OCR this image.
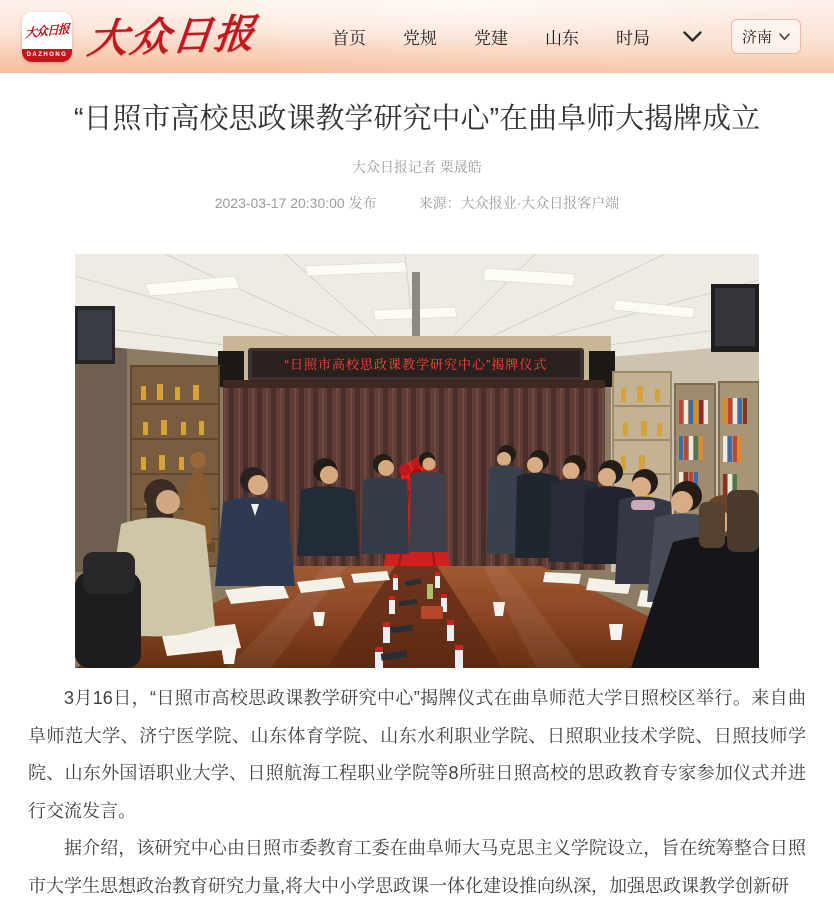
大众日报
DAZHONG 大众日报	首页 党规 党建 山东 时局	济南
“日照市高校思政课教学研究中心”在曲阜师大揭牌成立
大众日报记者 栗晟皓
2023-03-17 20:30:00 发布	来源：大众报业·大众日报客户端
“日照市高校思政课教学研究中心”揭牌仪式

3月16日，“日照市高校思政课教学研究中心”揭牌仪式在曲阜师范大学日照校区举行。来自曲阜师范大学、济宁医学院、山东体育学院、山东水利职业学院、日照职业技术学院、日照技师学院、山东外国语职业大学、日照航海工程职业学院等8所驻日照高校的思政教育专家参加仪式并进行交流发言。

据介绍，该研究中心由日照市委教育工委在曲阜师大马克思主义学院设立，旨在统筹整合日照市大学生思想政治教育研究力量,将大中小学思政课一体化建设推向纵深，加强思政课教学创新研
